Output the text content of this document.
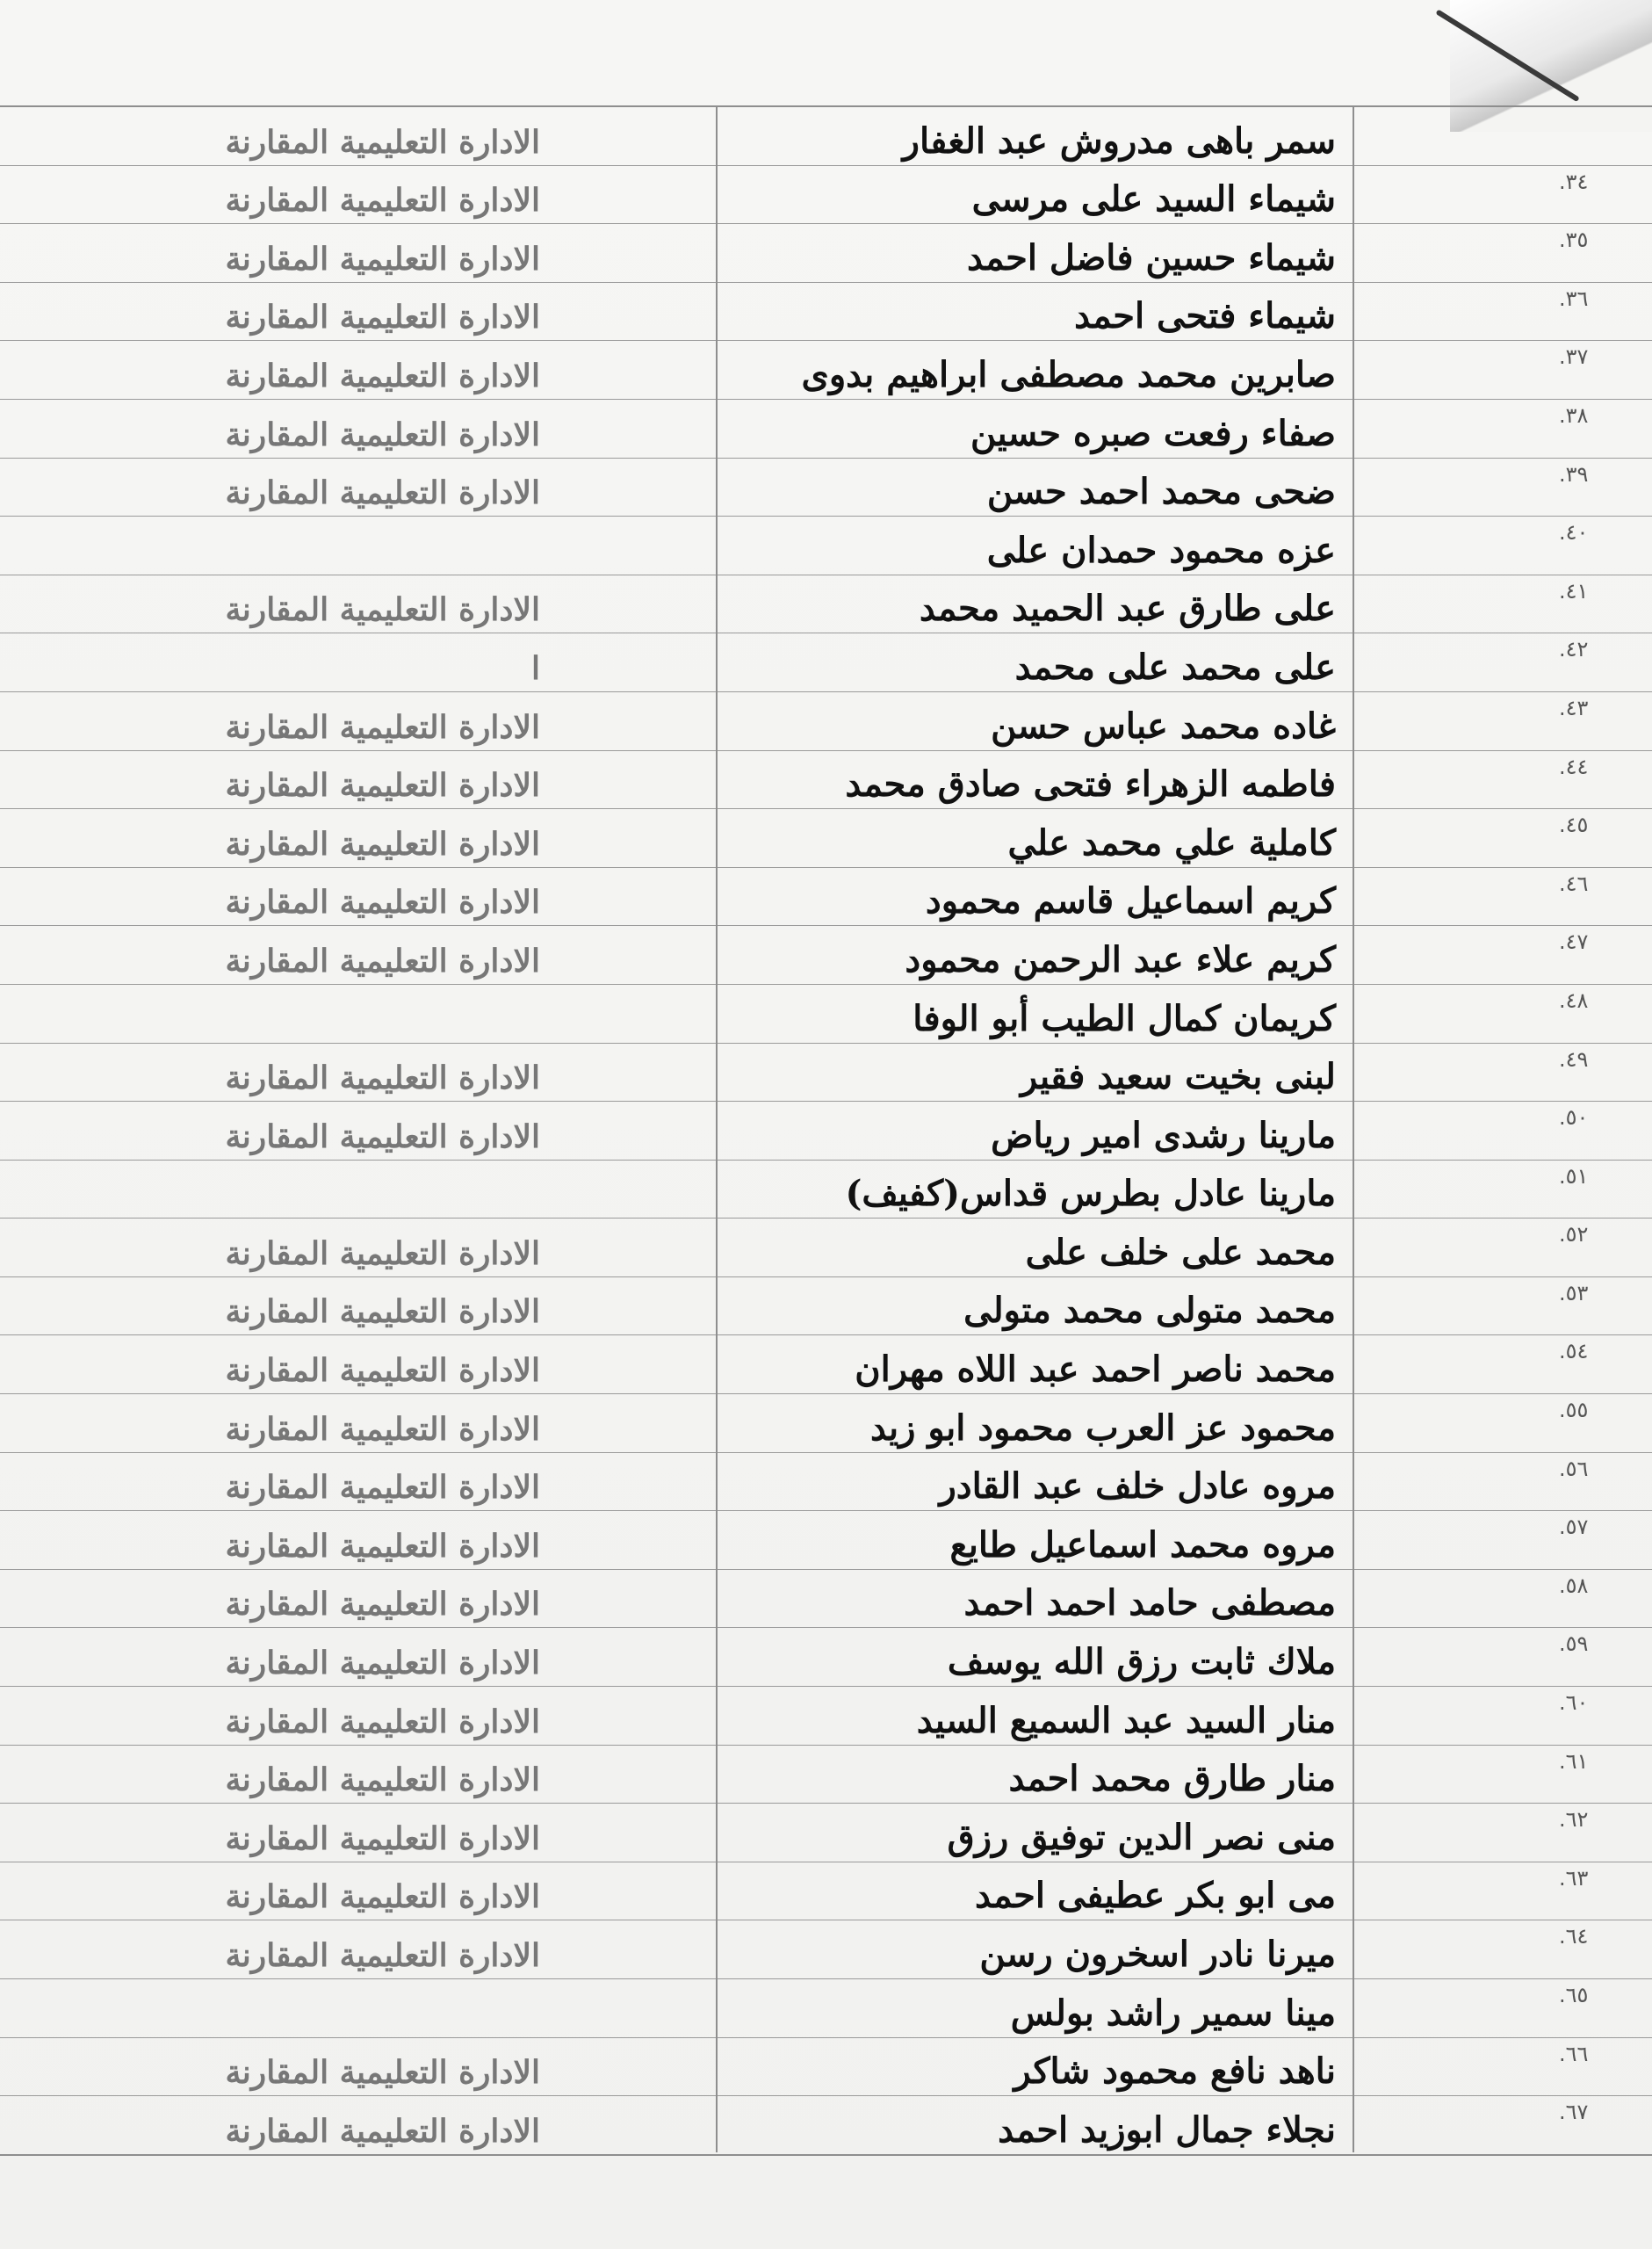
سمر باهى مدروش عبد الغفار
الادارة التعليمية المقارنة
٣٤.
شيماء السيد على مرسى
الادارة التعليمية المقارنة
٣٥.
شيماء حسين فاضل احمد
الادارة التعليمية المقارنة
٣٦.
شيماء فتحى احمد
الادارة التعليمية المقارنة
٣٧.
صابرين محمد مصطفى ابراهيم بدوى
الادارة التعليمية المقارنة
٣٨.
صفاء رفعت صبره حسين
الادارة التعليمية المقارنة
٣٩.
ضحى محمد احمد حسن
الادارة التعليمية المقارنة
٤٠.
عزه محمود حمدان على
٤١.
على طارق عبد الحميد محمد
الادارة التعليمية المقارنة
٤٢.
على محمد على محمد
ا
٤٣.
غاده محمد عباس حسن
الادارة التعليمية المقارنة
٤٤.
فاطمه الزهراء فتحى صادق محمد
الادارة التعليمية المقارنة
٤٥.
كاملية علي محمد علي
الادارة التعليمية المقارنة
٤٦.
كريم اسماعيل قاسم محمود
الادارة التعليمية المقارنة
٤٧.
كريم علاء عبد الرحمن محمود
الادارة التعليمية المقارنة
٤٨.
كريمان كمال الطيب أبو الوفا
٤٩.
لبنى بخيت سعيد فقير
الادارة التعليمية المقارنة
٥٠.
مارينا رشدى امير رياض
الادارة التعليمية المقارنة
٥١.
مارينا عادل بطرس قداس(كفيف)
٥٢.
محمد على خلف على
الادارة التعليمية المقارنة
٥٣.
محمد متولى محمد متولى
الادارة التعليمية المقارنة
٥٤.
محمد ناصر احمد عبد اللاه مهران
الادارة التعليمية المقارنة
٥٥.
محمود عز العرب محمود ابو زيد
الادارة التعليمية المقارنة
٥٦.
مروه عادل خلف عبد القادر
الادارة التعليمية المقارنة
٥٧.
مروه محمد اسماعيل طايع
الادارة التعليمية المقارنة
٥٨.
مصطفى حامد احمد احمد
الادارة التعليمية المقارنة
٥٩.
ملاك ثابت رزق الله يوسف
الادارة التعليمية المقارنة
٦٠.
منار السيد عبد السميع السيد
الادارة التعليمية المقارنة
٦١.
منار طارق محمد احمد
الادارة التعليمية المقارنة
٦٢.
منى نصر الدين توفيق رزق
الادارة التعليمية المقارنة
٦٣.
مى ابو بكر عطيفى احمد
الادارة التعليمية المقارنة
٦٤.
ميرنا نادر اسخرون رسن
الادارة التعليمية المقارنة
٦٥.
مينا سمير راشد بولس
٦٦.
ناهد نافع محمود شاكر
الادارة التعليمية المقارنة
٦٧.
نجلاء جمال ابوزيد احمد
الادارة التعليمية المقارنة
